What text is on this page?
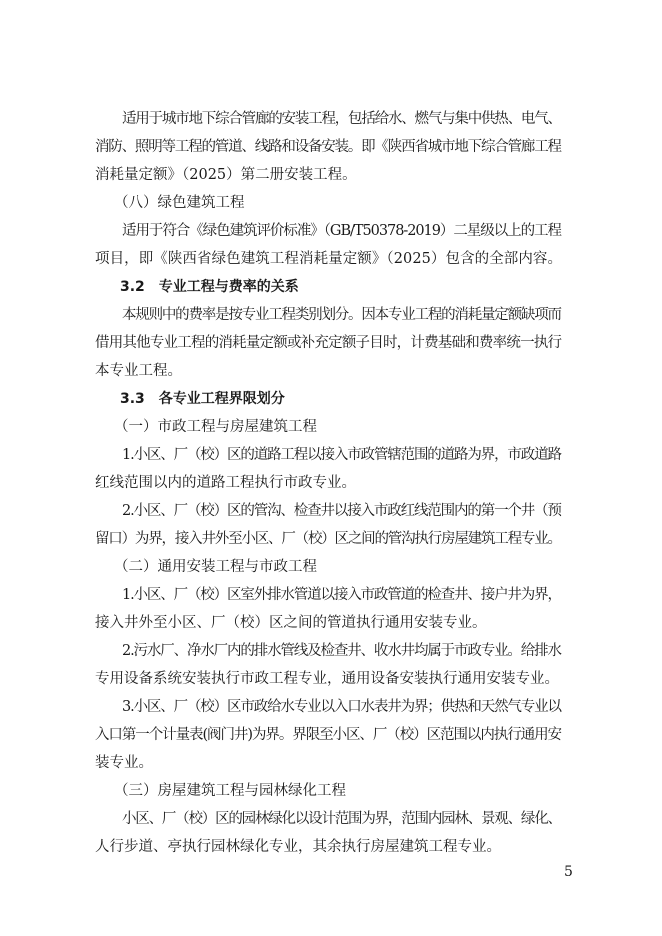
适用于城市地下综合管廊的安装工程，包括给水、燃气与集中供热、电气、
消防、照明等工程的管道、线路和设备安装。即《陕西省城市地下综合管廊工程
消耗量定额》（2025）第二册安装工程。
（八）绿色建筑工程
适用于符合《绿色建筑评价标准》（GB/T50378-2019）二星级以上的工程
项目，即《陕西省绿色建筑工程消耗量定额》（2025）包含的全部内容。
3.2　专业工程与费率的关系
本规则中的费率是按专业工程类别划分。因本专业工程的消耗量定额缺项而
借用其他专业工程的消耗量定额或补充定额子目时，计费基础和费率统一执行
本专业工程。
3.3　各专业工程界限划分
（一）市政工程与房屋建筑工程
1.小区、厂（校）区的道路工程以接入市政管辖范围的道路为界，市政道路
红线范围以内的道路工程执行市政专业。
2.小区、厂（校）区的管沟、检查井以接入市政红线范围内的第一个井（预
留口）为界，接入井外至小区、厂（校）区之间的管沟执行房屋建筑工程专业。
（二）通用安装工程与市政工程
1.小区、厂（校）区室外排水管道以接入市政管道的检查井、接户井为界，
接入井外至小区、厂（校）区之间的管道执行通用安装专业。
2.污水厂、净水厂内的排水管线及检查井、收水井均属于市政专业。给排水
专用设备系统安装执行市政工程专业，通用设备安装执行通用安装专业。
3.小区、厂（校）区市政给水专业以入口水表井为界；供热和天然气专业以
入口第一个计量表(阀门井)为界。界限至小区、厂（校）区范围以内执行通用安
装专业。
（三）房屋建筑工程与园林绿化工程
小区、厂（校）区的园林绿化以设计范围为界，范围内园林、景观、绿化、
人行步道、亭执行园林绿化专业，其余执行房屋建筑工程专业。
5
